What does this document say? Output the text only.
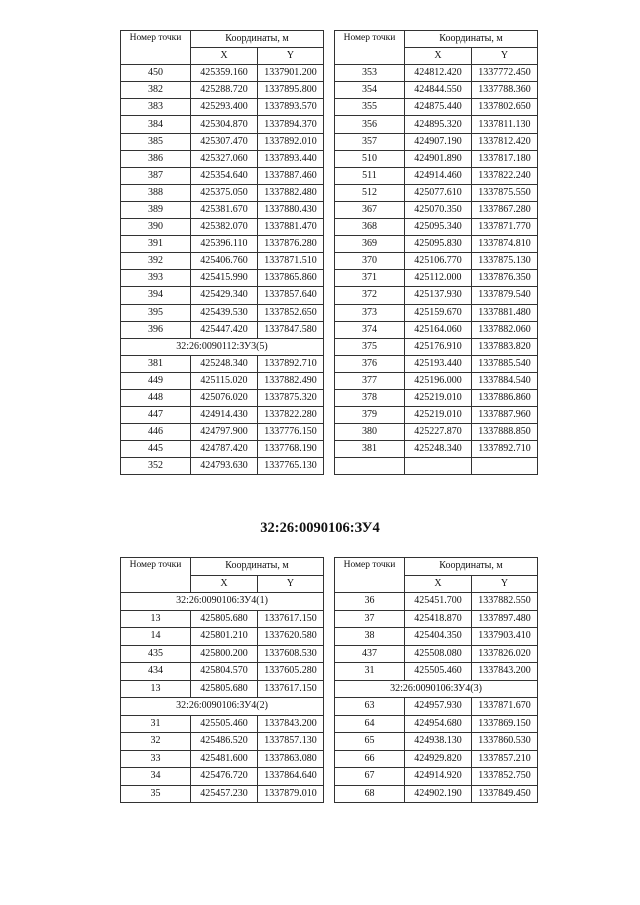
Номер точки	Координаты, м	
	X	Y
450	425359.160	1337901.200
382	425288.720	1337895.800
383	425293.400	1337893.570
384	425304.870	1337894.370
385	425307.470	1337892.010
386	425327.060	1337893.440
387	425354.640	1337887.460
388	425375.050	1337882.480
389	425381.670	1337880.430
390	425382.070	1337881.470
391	425396.110	1337876.280
392	425406.760	1337871.510
393	425415.990	1337865.860
394	425429.340	1337857.640
395	425439.530	1337852.650
396	425447.420	1337847.580
32:26:0090112:ЗУ3(5)		
381	425248.340	1337892.710
449	425115.020	1337882.490
448	425076.020	1337875.320
447	424914.430	1337822.280
446	424797.900	1337776.150
445	424787.420	1337768.190
352	424793.630	1337765.130
Номер точки	Координаты, м	
	X	Y
353	424812.420	1337772.450
354	424844.550	1337788.360
355	424875.440	1337802.650
356	424895.320	1337811.130
357	424907.190	1337812.420
510	424901.890	1337817.180
511	424914.460	1337822.240
512	425077.610	1337875.550
367	425070.350	1337867.280
368	425095.340	1337871.770
369	425095.830	1337874.810
370	425106.770	1337875.130
371	425112.000	1337876.350
372	425137.930	1337879.540
373	425159.670	1337881.480
374	425164.060	1337882.060
375	425176.910	1337883.820
376	425193.440	1337885.540
377	425196.000	1337884.540
378	425219.010	1337886.860
379	425219.010	1337887.960
380	425227.870	1337888.850
381	425248.340	1337892.710

32:26:0090106:ЗУ4
Номер точки	Координаты, м	
	X	Y
32:26:0090106:ЗУ4(1)		
13	425805.680	1337617.150
14	425801.210	1337620.580
435	425800.200	1337608.530
434	425804.570	1337605.280
13	425805.680	1337617.150
32:26:0090106:ЗУ4(2)		
31	425505.460	1337843.200
32	425486.520	1337857.130
33	425481.600	1337863.080
34	425476.720	1337864.640
35	425457.230	1337879.010
Номер точки	Координаты, м	
	X	Y
36	425451.700	1337882.550
37	425418.870	1337897.480
38	425404.350	1337903.410
437	425508.080	1337826.020
31	425505.460	1337843.200
32:26:0090106:ЗУ4(3)		
63	424957.930	1337871.670
64	424954.680	1337869.150
65	424938.130	1337860.530
66	424929.820	1337857.210
67	424914.920	1337852.750
68	424902.190	1337849.450
